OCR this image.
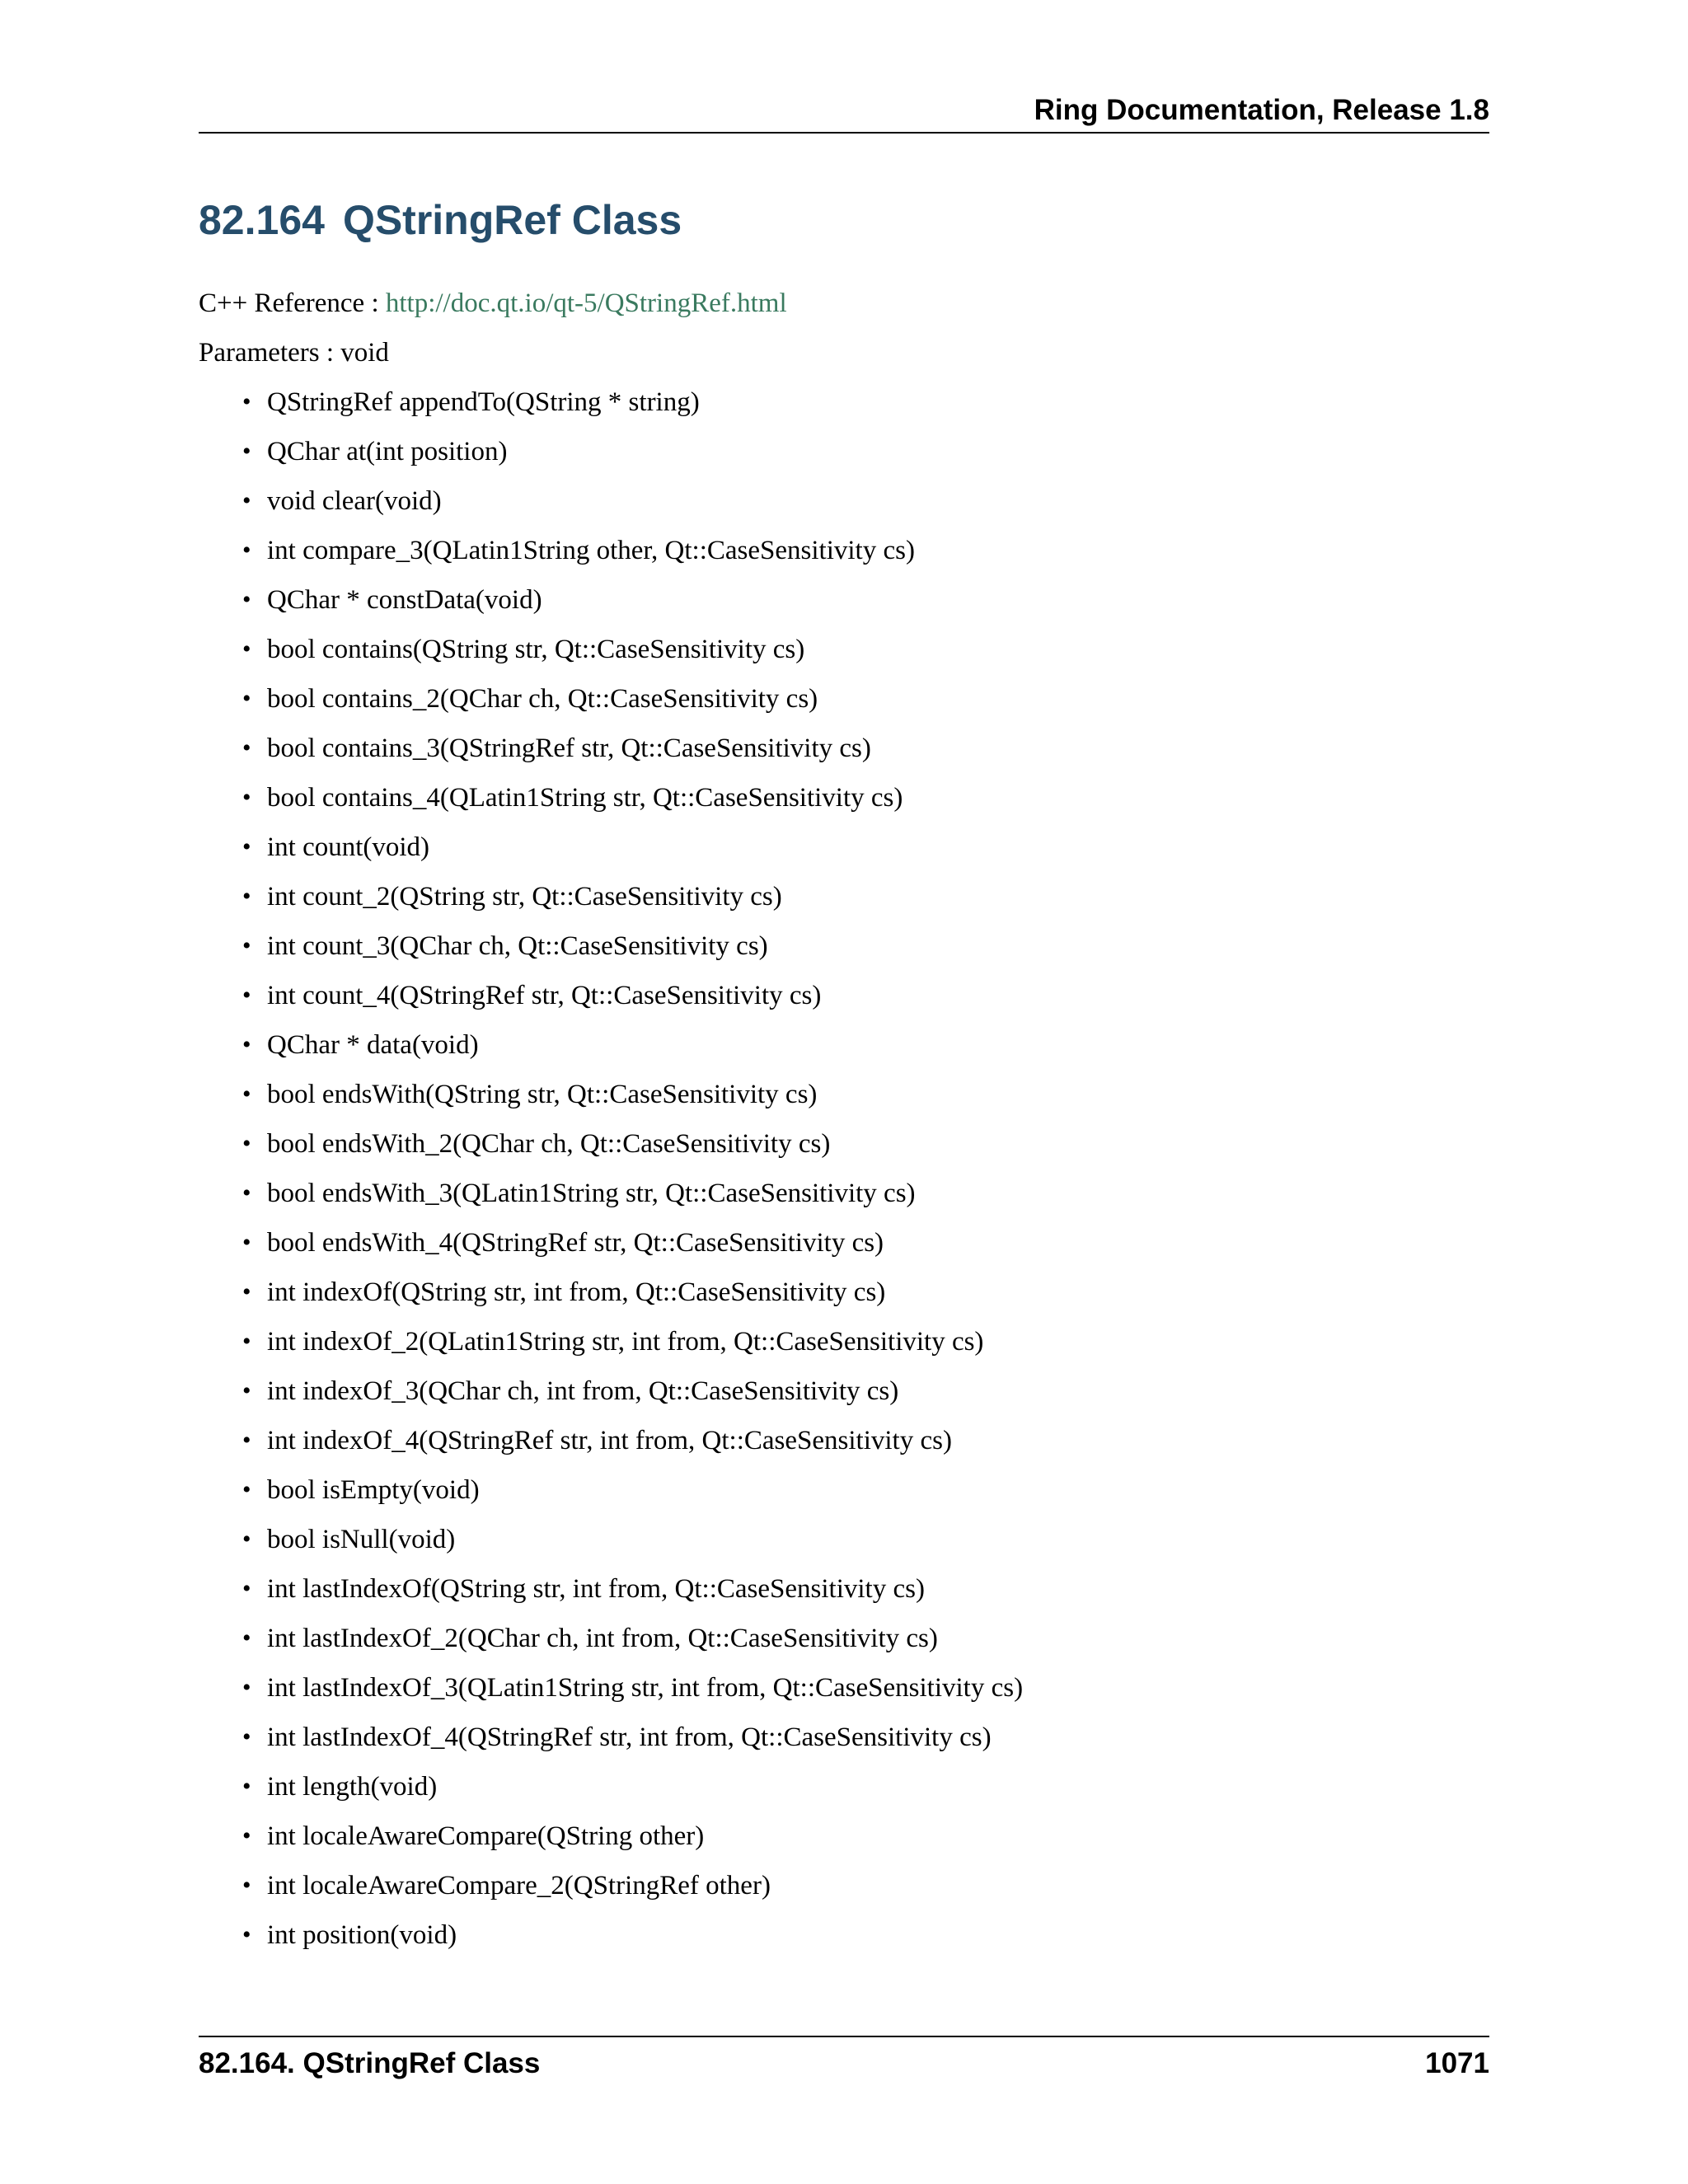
Ring Documentation, Release 1.8
82.164 QStringRef Class
C++ Reference : http://doc.qt.io/qt-5/QStringRef.html
Parameters : void
• QStringRef appendTo(QString * string)
• QChar at(int position)
• void clear(void)
• int compare_3(QLatin1String other, Qt::CaseSensitivity cs)
• QChar * constData(void)
• bool contains(QString str, Qt::CaseSensitivity cs)
• bool contains_2(QChar ch, Qt::CaseSensitivity cs)
• bool contains_3(QStringRef str, Qt::CaseSensitivity cs)
• bool contains_4(QLatin1String str, Qt::CaseSensitivity cs)
• int count(void)
• int count_2(QString str, Qt::CaseSensitivity cs)
• int count_3(QChar ch, Qt::CaseSensitivity cs)
• int count_4(QStringRef str, Qt::CaseSensitivity cs)
• QChar * data(void)
• bool endsWith(QString str, Qt::CaseSensitivity cs)
• bool endsWith_2(QChar ch, Qt::CaseSensitivity cs)
• bool endsWith_3(QLatin1String str, Qt::CaseSensitivity cs)
• bool endsWith_4(QStringRef str, Qt::CaseSensitivity cs)
• int indexOf(QString str, int from, Qt::CaseSensitivity cs)
• int indexOf_2(QLatin1String str, int from, Qt::CaseSensitivity cs)
• int indexOf_3(QChar ch, int from, Qt::CaseSensitivity cs)
• int indexOf_4(QStringRef str, int from, Qt::CaseSensitivity cs)
• bool isEmpty(void)
• bool isNull(void)
• int lastIndexOf(QString str, int from, Qt::CaseSensitivity cs)
• int lastIndexOf_2(QChar ch, int from, Qt::CaseSensitivity cs)
• int lastIndexOf_3(QLatin1String str, int from, Qt::CaseSensitivity cs)
• int lastIndexOf_4(QStringRef str, int from, Qt::CaseSensitivity cs)
• int length(void)
• int localeAwareCompare(QString other)
• int localeAwareCompare_2(QStringRef other)
• int position(void)
82.164. QStringRef Class	1071
